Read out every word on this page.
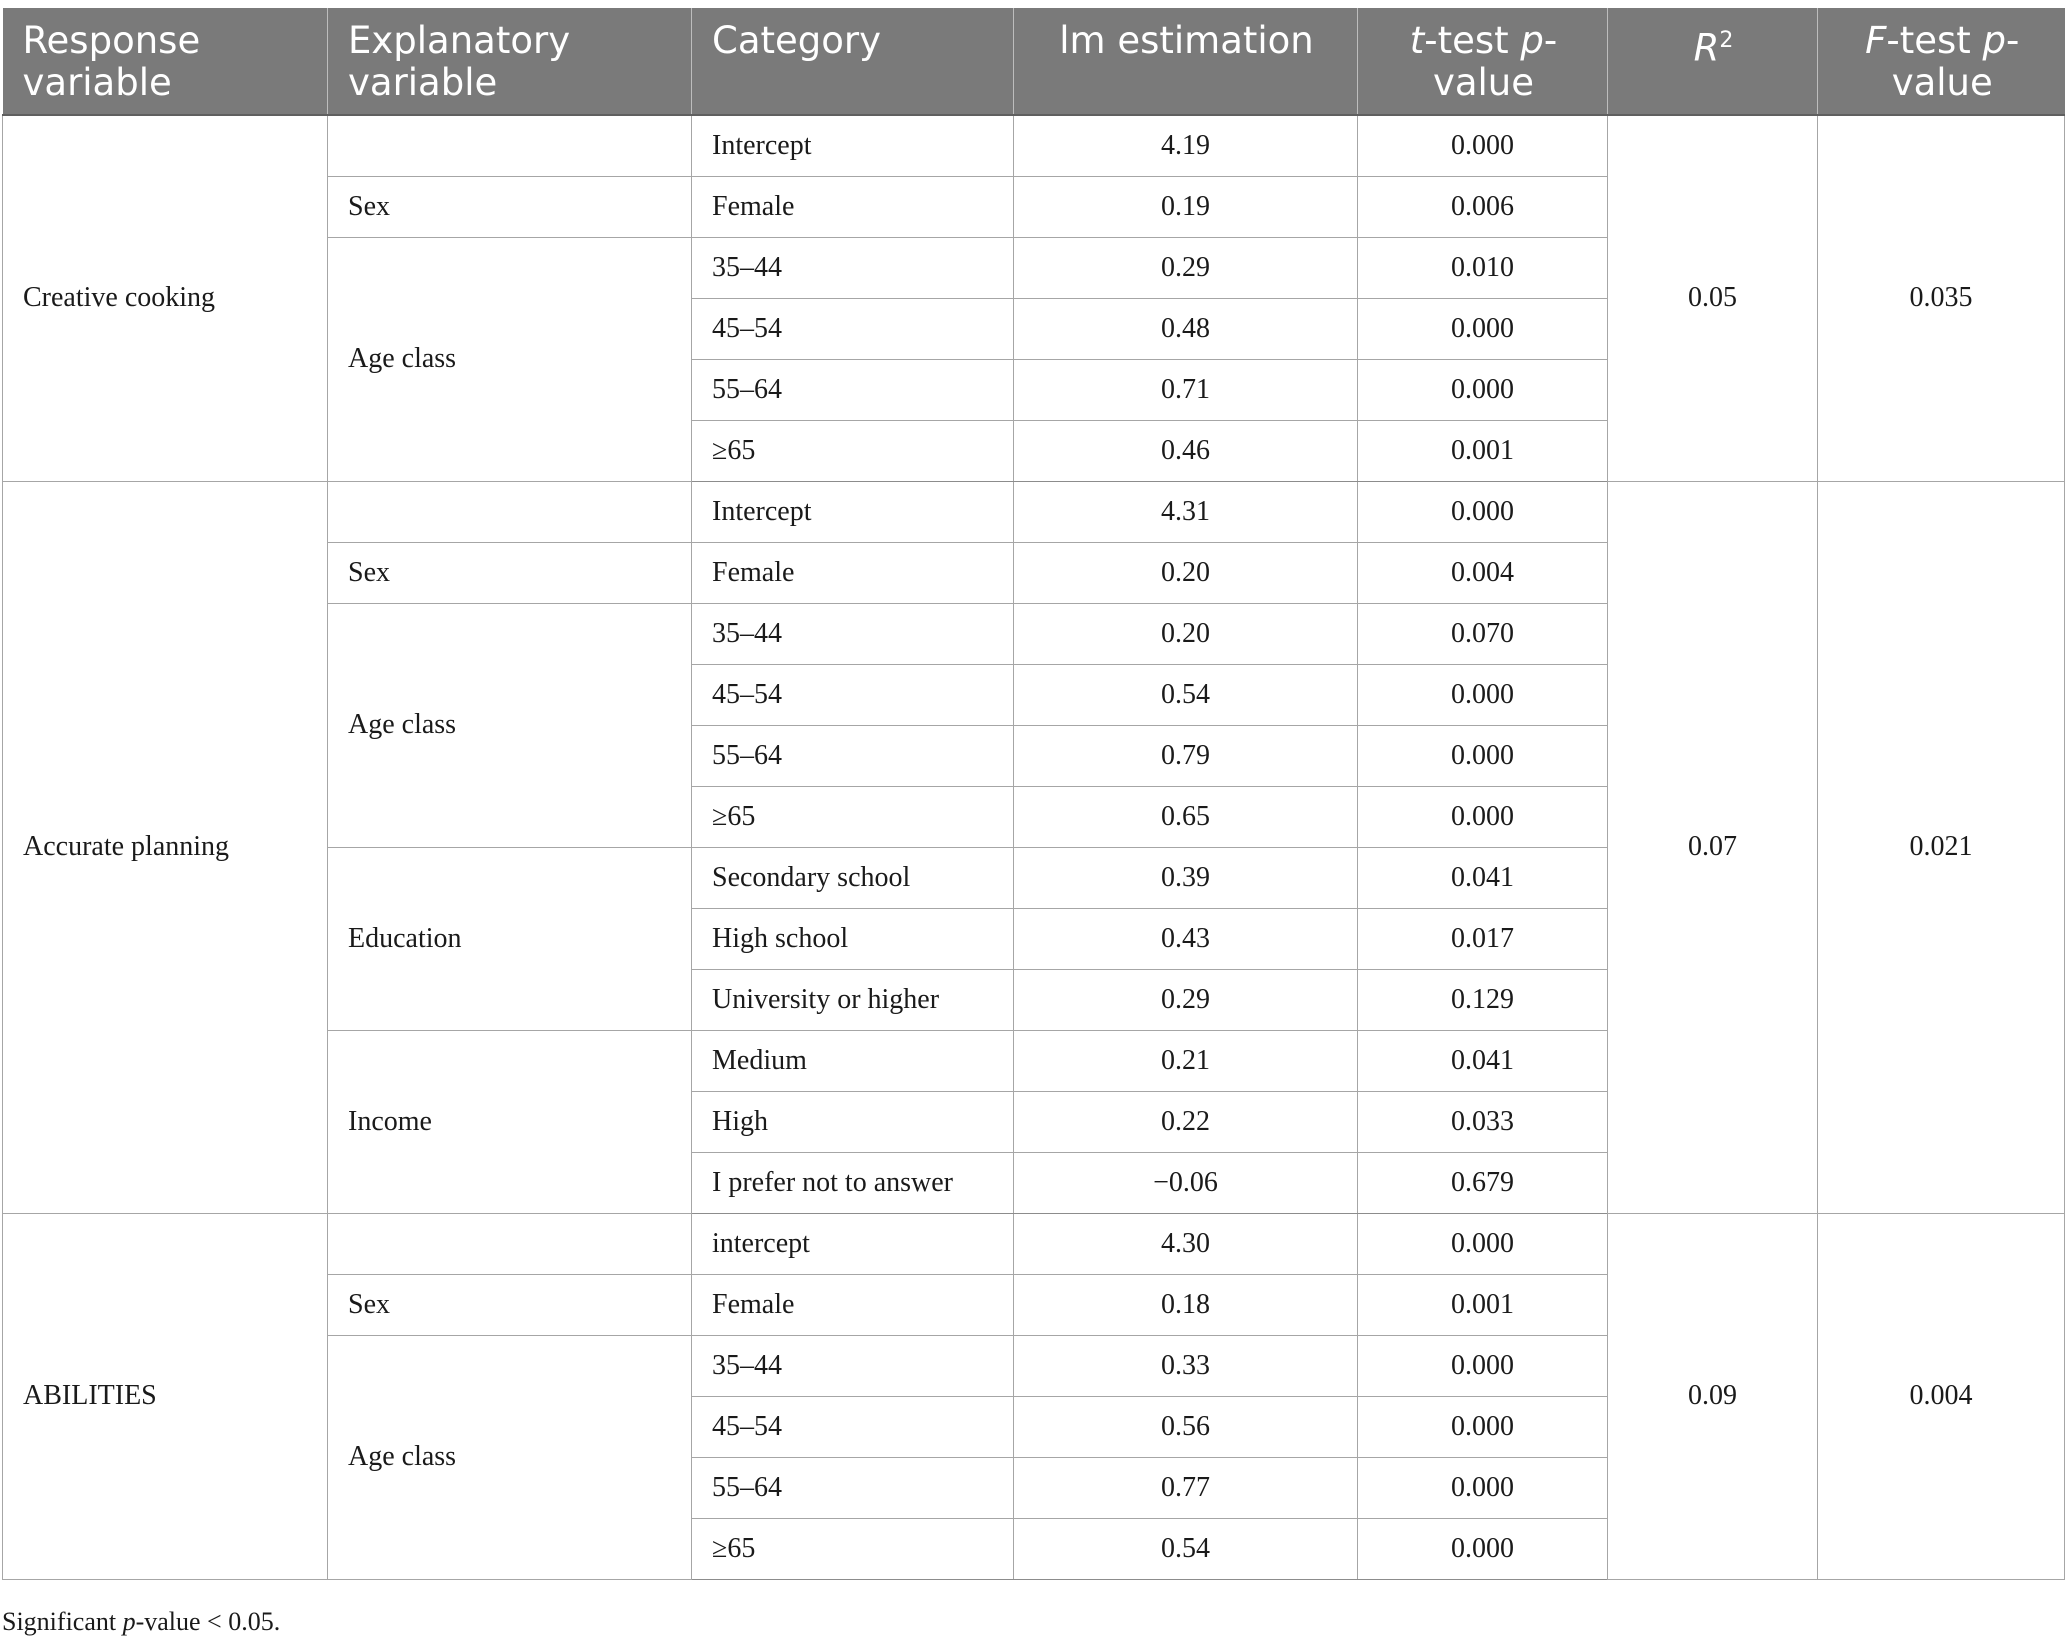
Response variable	Explanatory variable	Category	lm estimation	t-test p-value	$R^2$	F-test p-value
Creative cooking		Intercept	4.19	0.000	0.05	0.035
	Sex	Female	0.19	0.006		
	Age class	35–44	0.29	0.010		
		45–54	0.48	0.000		
		55–64	0.71	0.000		
		≥65	0.46	0.001		
Accurate planning		Intercept	4.31	0.000	0.07	0.021
	Sex	Female	0.20	0.004		
	Age class	35–44	0.20	0.070		
		45–54	0.54	0.000		
		55–64	0.79	0.000		
		≥65	0.65	0.000		
	Education	Secondary school	0.39	0.041		
		High school	0.43	0.017		
		University or higher	0.29	0.129		
	Income	Medium	0.21	0.041		
		High	0.22	0.033		
		I prefer not to answer	−0.06	0.679		
ABILITIES		intercept	4.30	0.000	0.09	0.004
	Sex	Female	0.18	0.001		
	Age class	35–44	0.33	0.000		
		45–54	0.56	0.000		
		55–64	0.77	0.000		
		≥65	0.54	0.000		
Significant p-value < 0.05.
